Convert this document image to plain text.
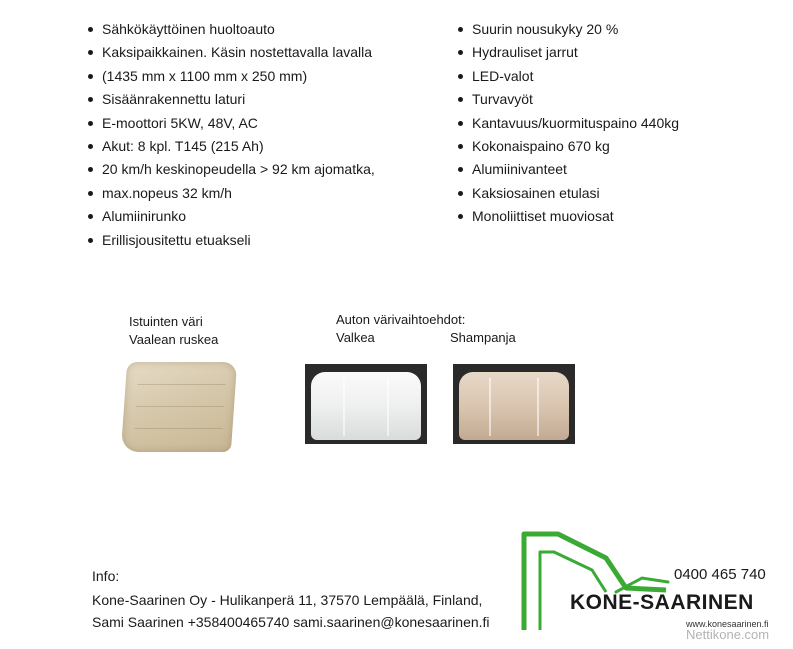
Sähkökäyttöinen huoltoauto
Kaksipaikkainen. Käsin nostettavalla lavalla
(1435 mm x 1100 mm x 250 mm)
Sisäänrakennettu laturi
E-moottori 5KW, 48V, AC
Akut: 8 kpl. T145 (215 Ah)
20 km/h keskinopeudella > 92 km ajomatka,
max.nopeus 32 km/h
Alumiinirunko
Erillisjousitettu etuakseli
Suurin nousukyky 20 %
Hydrauliset jarrut
LED-valot
Turvavyöt
Kantavuus/kuormituspaino 440kg
Kokonaispaino 670 kg
Alumiinivanteet
Kaksiosainen etulasi
Monoliittiset muoviosat
Istuinten väri
Vaalean ruskea
Auton värivaihtoehdot:
Valkea	Shampanja
Info:
Kone-Saarinen Oy - Hulikanperä 11, 37570 Lempäälä, Finland,
Sami Saarinen +358400465740 sami.saarinen@konesaarinen.fi
0400 465 740
KONE-SAARINEN
www.konesaarinen.fi
Nettikone.com
